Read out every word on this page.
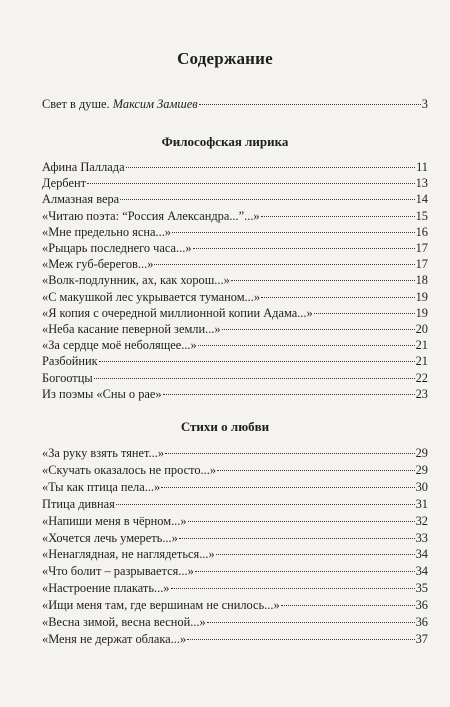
Содержание
Свет в душе. Максим Замшев	3
Философская лирика
Афина Паллада	11
Дербент	13
Алмазная вера	14
«Читаю поэта: “Россия Александра...”...»	15
«Мне предельно ясна...»	16
«Рыцарь последнего часа...»	17
«Меж губ-берегов...»	17
«Волк-подлунник, ах, как хорош...»	18
«С макушкой лес укрывается туманом...»	19
«Я копия с очередной миллионной копии Адама...»	19
«Неба касание певерной земли...»	20
«За сердце моё неболящее...»	21
Разбойник	21
Богоотцы	22
Из поэмы «Сны о рае»	23
Стихи о любви
«За руку взять тянет...»	29
«Скучать оказалось не просто...»	29
«Ты как птица пела...»	30
Птица дивная	31
«Напиши меня в чёрном...»	32
«Хочется лечь умереть...»	33
«Ненаглядная, не наглядеться...»	34
«Что болит – разрывается...»	34
«Настроение плакать...»	35
«Ищи меня там, где вершинам не снилось...»	36
«Весна зимой, весна весной...»	36
«Меня не держат облака...»	37
